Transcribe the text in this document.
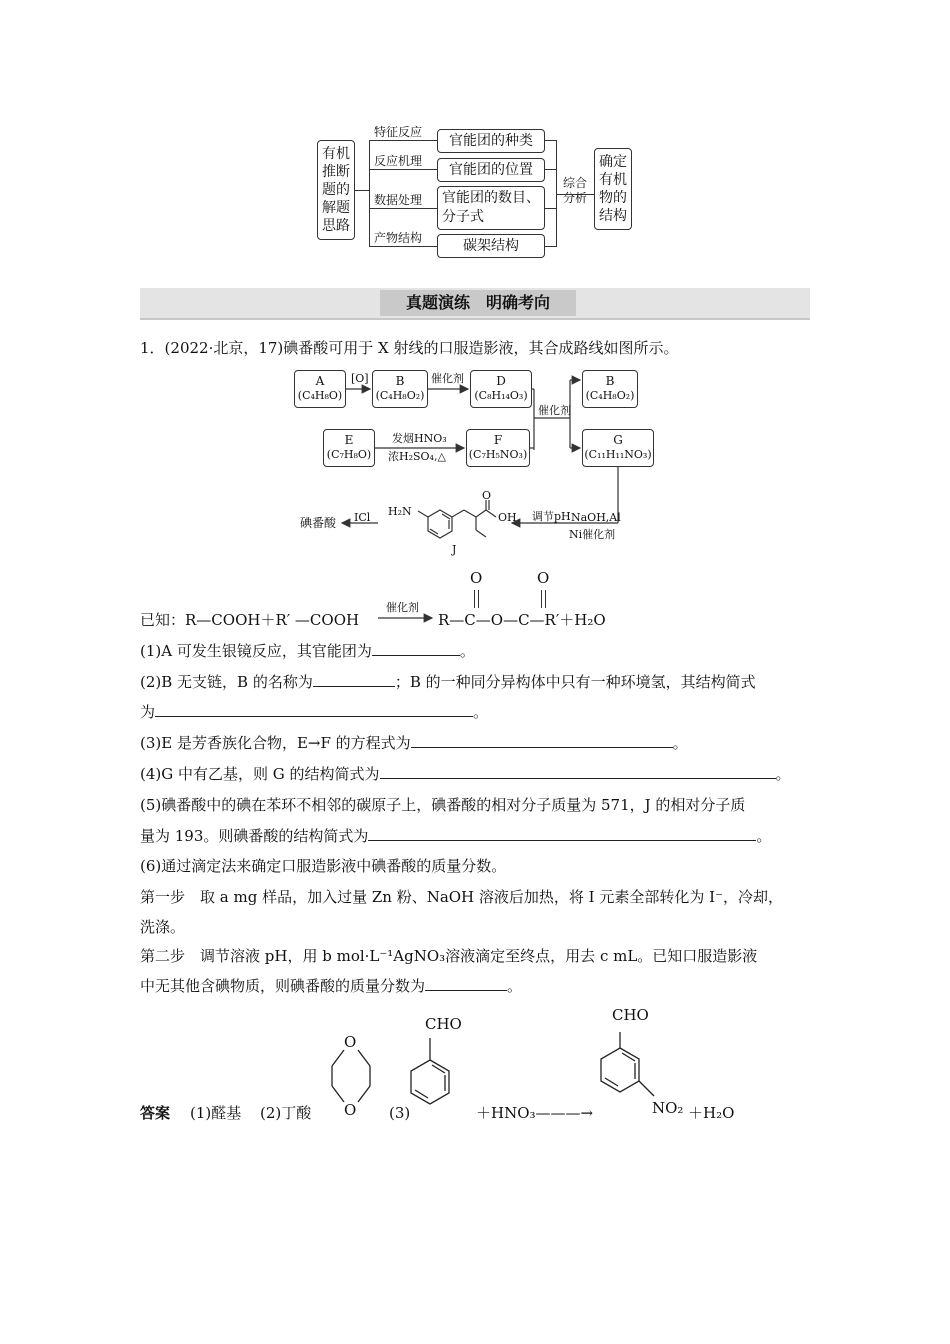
有机
推断
题的
解题
思路
特征反应
反应机理
数据处理
产物结构
官能团的种类
官能团的位置
官能团的数目、
分子式
碳架结构
综合
分析
确定
有机
物的
结构
真题演练　明确考向
1．(2022·北京，17)碘番酸可用于 X 射线的口服造影液，其合成路线如图所示。
A
(C₄H₈O)
B
(C₄H₈O₂)
D
(C₈H₁₄O₃)
B
(C₄H₈O₂)
E
(C₇H₈O)
F
(C₇H₅NO₃)
G
(C₁₁H₁₁NO₃)
[O]	催化剂
催化剂
发烟HNO₃
浓H₂SO₄,△
调节pH NaOH,Al
Ni催化剂
ICl
碘番酸
H₂N	OH
O
J
已知：R—COOH＋R′ —COOH
催化剂
R—C—O—C—R′＋H₂O
O	O
(1)A 可发生银镜反应，其官能团为	。
(2)B 无支链，B 的名称为	；B 的一种同分异构体中只有一种环境氢，其结构简式
为	。
(3)E 是芳香族化合物，E→F 的方程式为	。
(4)G 中有乙基，则 G 的结构简式为	。
(5)碘番酸中的碘在苯环不相邻的碳原子上，碘番酸的相对分子质量为 571，J 的相对分子质
量为 193。则碘番酸的结构简式为	。
(6)通过滴定法来确定口服造影液中碘番酸的质量分数。
第一步　取 a mg 样品，加入过量 Zn 粉、NaOH 溶液后加热，将 I 元素全部转化为 I⁻，冷却，
洗涤。
第二步　调节溶液 pH，用 b mol·L⁻¹AgNO₃溶液滴定至终点，用去 c mL。已知口服造影液
中无其他含碘物质，则碘番酸的质量分数为	。
答案 (1)醛基 (2)丁酸	(3)	＋HNO₃———→	＋H₂O
CHO	CHO
NO₂
O
O
